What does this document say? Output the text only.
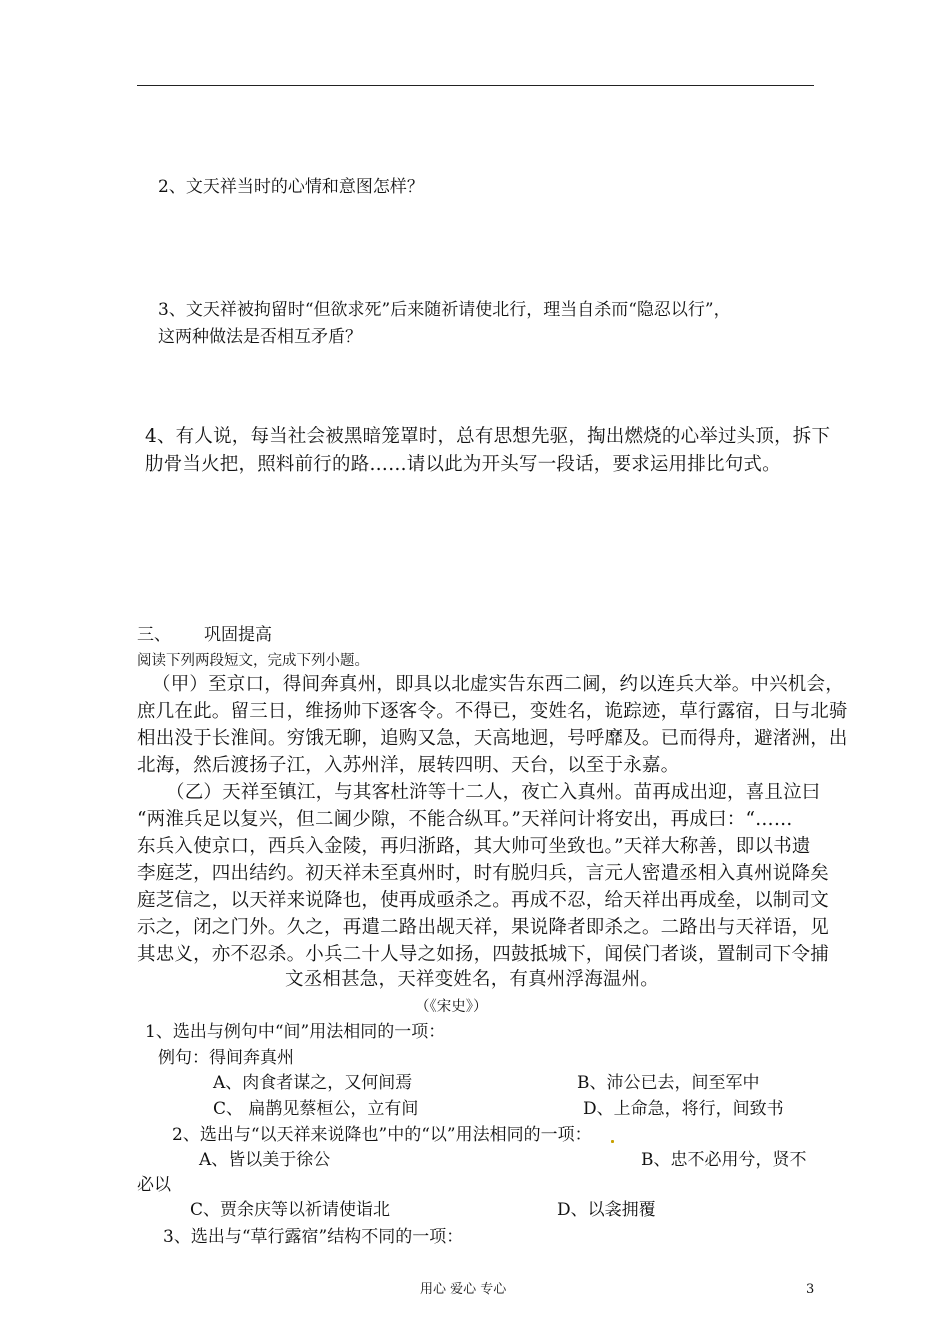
2、文天祥当时的心情和意图怎样？
3、文天祥被拘留时“但欲求死”后来随祈请使北行，理当自杀而“隐忍以行”，
这两种做法是否相互矛盾？
4、有人说，每当社会被黑暗笼罩时，总有思想先驱，掏出燃烧的心举过头顶，拆下
肋骨当火把，照料前行的路……请以此为开头写一段话，要求运用排比句式。
三、 巩固提高
阅读下列两段短文，完成下列小题。
（甲）至京口，得间奔真州，即具以北虚实告东西二阃，约以连兵大举。中兴机会，
庶几在此。留三日，维扬帅下逐客令。不得已，变姓名，诡踪迹，草行露宿，日与北骑
相出没于长淮间。穷饿无聊，追购又急，天高地迥，号呼靡及。已而得舟，避渚洲，出
北海，然后渡扬子江，入苏州洋，展转四明、天台，以至于永嘉。
（乙）天祥至镇江，与其客杜浒等十二人，夜亡入真州。苗再成出迎，喜且泣曰
“两淮兵足以复兴，但二阃少隙，不能合纵耳。”天祥问计将安出，再成曰：“……
东兵入使京口，西兵入金陵，再归浙路，其大帅可坐致也。”天祥大称善，即以书遗
李庭芝，四出结约。初天祥未至真州时，时有脱归兵，言元人密遣丞相入真州说降矣
庭芝信之，以天祥来说降也，使再成亟杀之。再成不忍，给天祥出再成垒，以制司文
示之，闭之门外。久之，再遣二路出觇天祥，果说降者即杀之。二路出与天祥语，见
其忠义，亦不忍杀。小兵二十人导之如扬，四鼓抵城下，闻侯门者谈，置制司下令捕
文丞相甚急，天祥变姓名，有真州浮海温州。
（《宋史》）
1、选出与例句中“间”用法相同的一项：
例句：得间奔真州
A、肉食者谋之，又何间焉	B、沛公已去，间至军中
C、 扁鹊见蔡桓公，立有间	D、上命急，将行，间致书
2、选出与“以天祥来说降也”中的“以”用法相同的一项：
A、皆以美于徐公	B、忠不必用兮，贤不
必以
C、贾余庆等以祈请使诣北	D、以衾拥覆
3、选出与“草行露宿”结构不同的一项：
用心 爱心 专心	3
